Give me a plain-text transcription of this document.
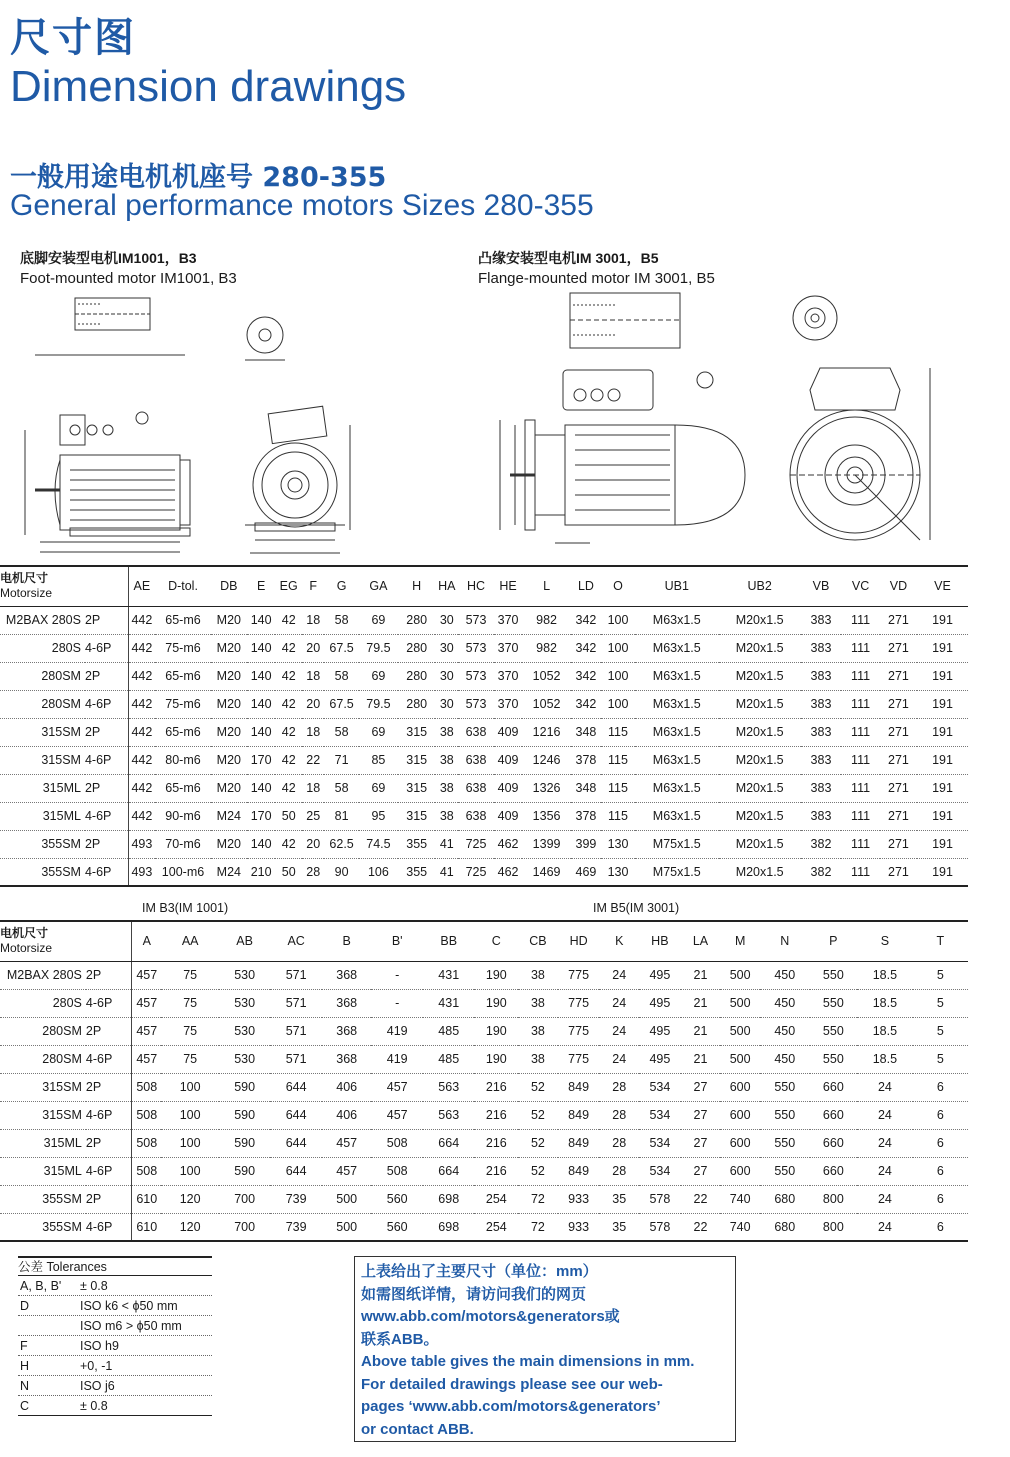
尺寸图
Dimension drawings
一般用途电机机座号 280-355
General performance motors Sizes 280-355
底脚安装型电机IM1001，B3
Foot-mounted motor IM1001, B3
凸缘安装型电机IM 3001，B5
Flange-mounted motor IM 3001, B5
电机尺寸
Motorsize		AE	D-tol.	DB	E	EG	F	G	GA	H	HA	HC	HE	L	LD	O	UB1	UB2	VB	VC	VD	VE
M2BAX 280S	2P	442	65-m6	M20	140	42	18	58	69	280	30	573	370	982	342	100	M63x1.5	M20x1.5	383	111	271	191
280S	4-6P	442	75-m6	M20	140	42	20	67.5	79.5	280	30	573	370	982	342	100	M63x1.5	M20x1.5	383	111	271	191
280SM	2P	442	65-m6	M20	140	42	18	58	69	280	30	573	370	1052	342	100	M63x1.5	M20x1.5	383	111	271	191
280SM	4-6P	442	75-m6	M20	140	42	20	67.5	79.5	280	30	573	370	1052	342	100	M63x1.5	M20x1.5	383	111	271	191
315SM	2P	442	65-m6	M20	140	42	18	58	69	315	38	638	409	1216	348	115	M63x1.5	M20x1.5	383	111	271	191
315SM	4-6P	442	80-m6	M20	170	42	22	71	85	315	38	638	409	1246	378	115	M63x1.5	M20x1.5	383	111	271	191
315ML	2P	442	65-m6	M20	140	42	18	58	69	315	38	638	409	1326	348	115	M63x1.5	M20x1.5	383	111	271	191
315ML	4-6P	442	90-m6	M24	170	50	25	81	95	315	38	638	409	1356	378	115	M63x1.5	M20x1.5	383	111	271	191
355SM	2P	493	70-m6	M20	140	42	20	62.5	74.5	355	41	725	462	1399	399	130	M75x1.5	M20x1.5	382	111	271	191
355SM	4-6P	493	100-m6	M24	210	50	28	90	106	355	41	725	462	1469	469	130	M75x1.5	M20x1.5	382	111	271	191
IM B3(IM 1001)	IM B5(IM 3001)
电机尺寸
Motorsize		A	AA	AB	AC	B	B'	BB	C	CB	HD	K	HB	LA	M	N	P	S	T
M2BAX 280S	2P	457	75	530	571	368	-	431	190	38	775	24	495	21	500	450	550	18.5	5
280S	4-6P	457	75	530	571	368	-	431	190	38	775	24	495	21	500	450	550	18.5	5
280SM	2P	457	75	530	571	368	419	485	190	38	775	24	495	21	500	450	550	18.5	5
280SM	4-6P	457	75	530	571	368	419	485	190	38	775	24	495	21	500	450	550	18.5	5
315SM	2P	508	100	590	644	406	457	563	216	52	849	28	534	27	600	550	660	24	6
315SM	4-6P	508	100	590	644	406	457	563	216	52	849	28	534	27	600	550	660	24	6
315ML	2P	508	100	590	644	457	508	664	216	52	849	28	534	27	600	550	660	24	6
315ML	4-6P	508	100	590	644	457	508	664	216	52	849	28	534	27	600	550	660	24	6
355SM	2P	610	120	700	739	500	560	698	254	72	933	35	578	22	740	680	800	24	6
355SM	4-6P	610	120	700	739	500	560	698	254	72	933	35	578	22	740	680	800	24	6
公差 Tolerances
A, B, B'	± 0.8
D	ISO k6 < ϕ50 mm
ISO m6 > ϕ50 mm
F	ISO h9
H	+0, -1
N	ISO j6
C	± 0.8
上表给出了主要尺寸（单位：mm）
如需图纸详情，请访问我们的网页
www.abb.com/motors&generators或
联系ABB。
Above table gives the main dimensions in mm.
For detailed drawings please see our web-
pages ‘www.abb.com/motors&generators’
or contact ABB.
